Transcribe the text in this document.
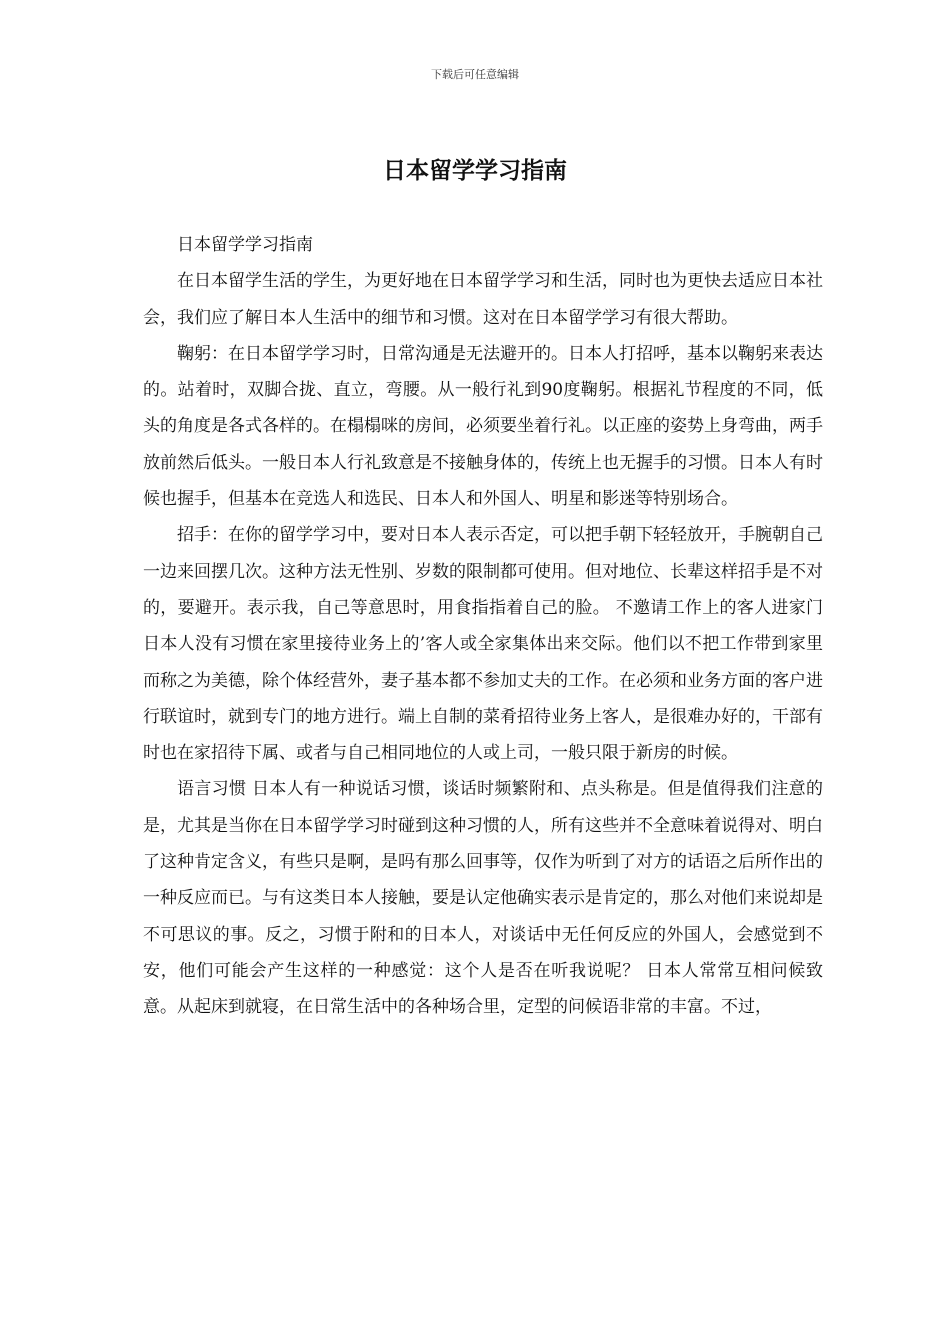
下载后可任意编辑
日本留学学习指南

日本留学学习指南

在日本留学生活的学生，为更好地在日本留学学习和生活，同时也为更快去适应日本社会，我们应了解日本人生活中的细节和习惯。这对在日本留学学习有很大帮助。

鞠躬：在日本留学学习时，日常沟通是无法避开的。日本人打招呼，基本以鞠躬来表达的。站着时，双脚合拢、直立，弯腰。从一般行礼到90度鞠躬。根据礼节程度的不同，低头的角度是各式各样的。在榻榻咪的房间，必须要坐着行礼。以正座的姿势上身弯曲，两手放前然后低头。一般日本人行礼致意是不接触身体的，传统上也无握手的习惯。日本人有时候也握手，但基本在竞选人和选民、日本人和外国人、明星和影迷等特别场合。

招手：在你的留学学习中，要对日本人表示否定，可以把手朝下轻轻放开，手腕朝自己一边来回摆几次。这种方法无性别、岁数的限制都可使用。但对地位、长辈这样招手是不对的，要避开。表示我，自己等意思时，用食指指着自己的脸。 不邀请工作上的客人进家门 日本人没有习惯在家里接待业务上的’客人或全家集体出来交际。他们以不把工作带到家里而称之为美德，除个体经营外，妻子基本都不参加丈夫的工作。在必须和业务方面的客户进行联谊时，就到专门的地方进行。端上自制的菜肴招待业务上客人，是很难办好的，干部有时也在家招待下属、或者与自己相同地位的人或上司，一般只限于新房的时候。

语言习惯 日本人有一种说话习惯，谈话时频繁附和、点头称是。但是值得我们注意的是，尤其是当你在日本留学学习时碰到这种习惯的人，所有这些并不全意味着说得对、明白了这种肯定含义，有些只是啊，是吗有那么回事等，仅作为听到了对方的话语之后所作出的一种反应而已。与有这类日本人接触，要是认定他确实表示是肯定的，那么对他们来说却是不可思议的事。反之，习惯于附和的日本人，对谈话中无任何反应的外国人，会感觉到不安，他们可能会产生这样的一种感觉：这个人是否在听我说呢？ 日本人常常互相问候致意。从起床到就寝，在日常生活中的各种场合里，定型的问候语非常的丰富。不过，
